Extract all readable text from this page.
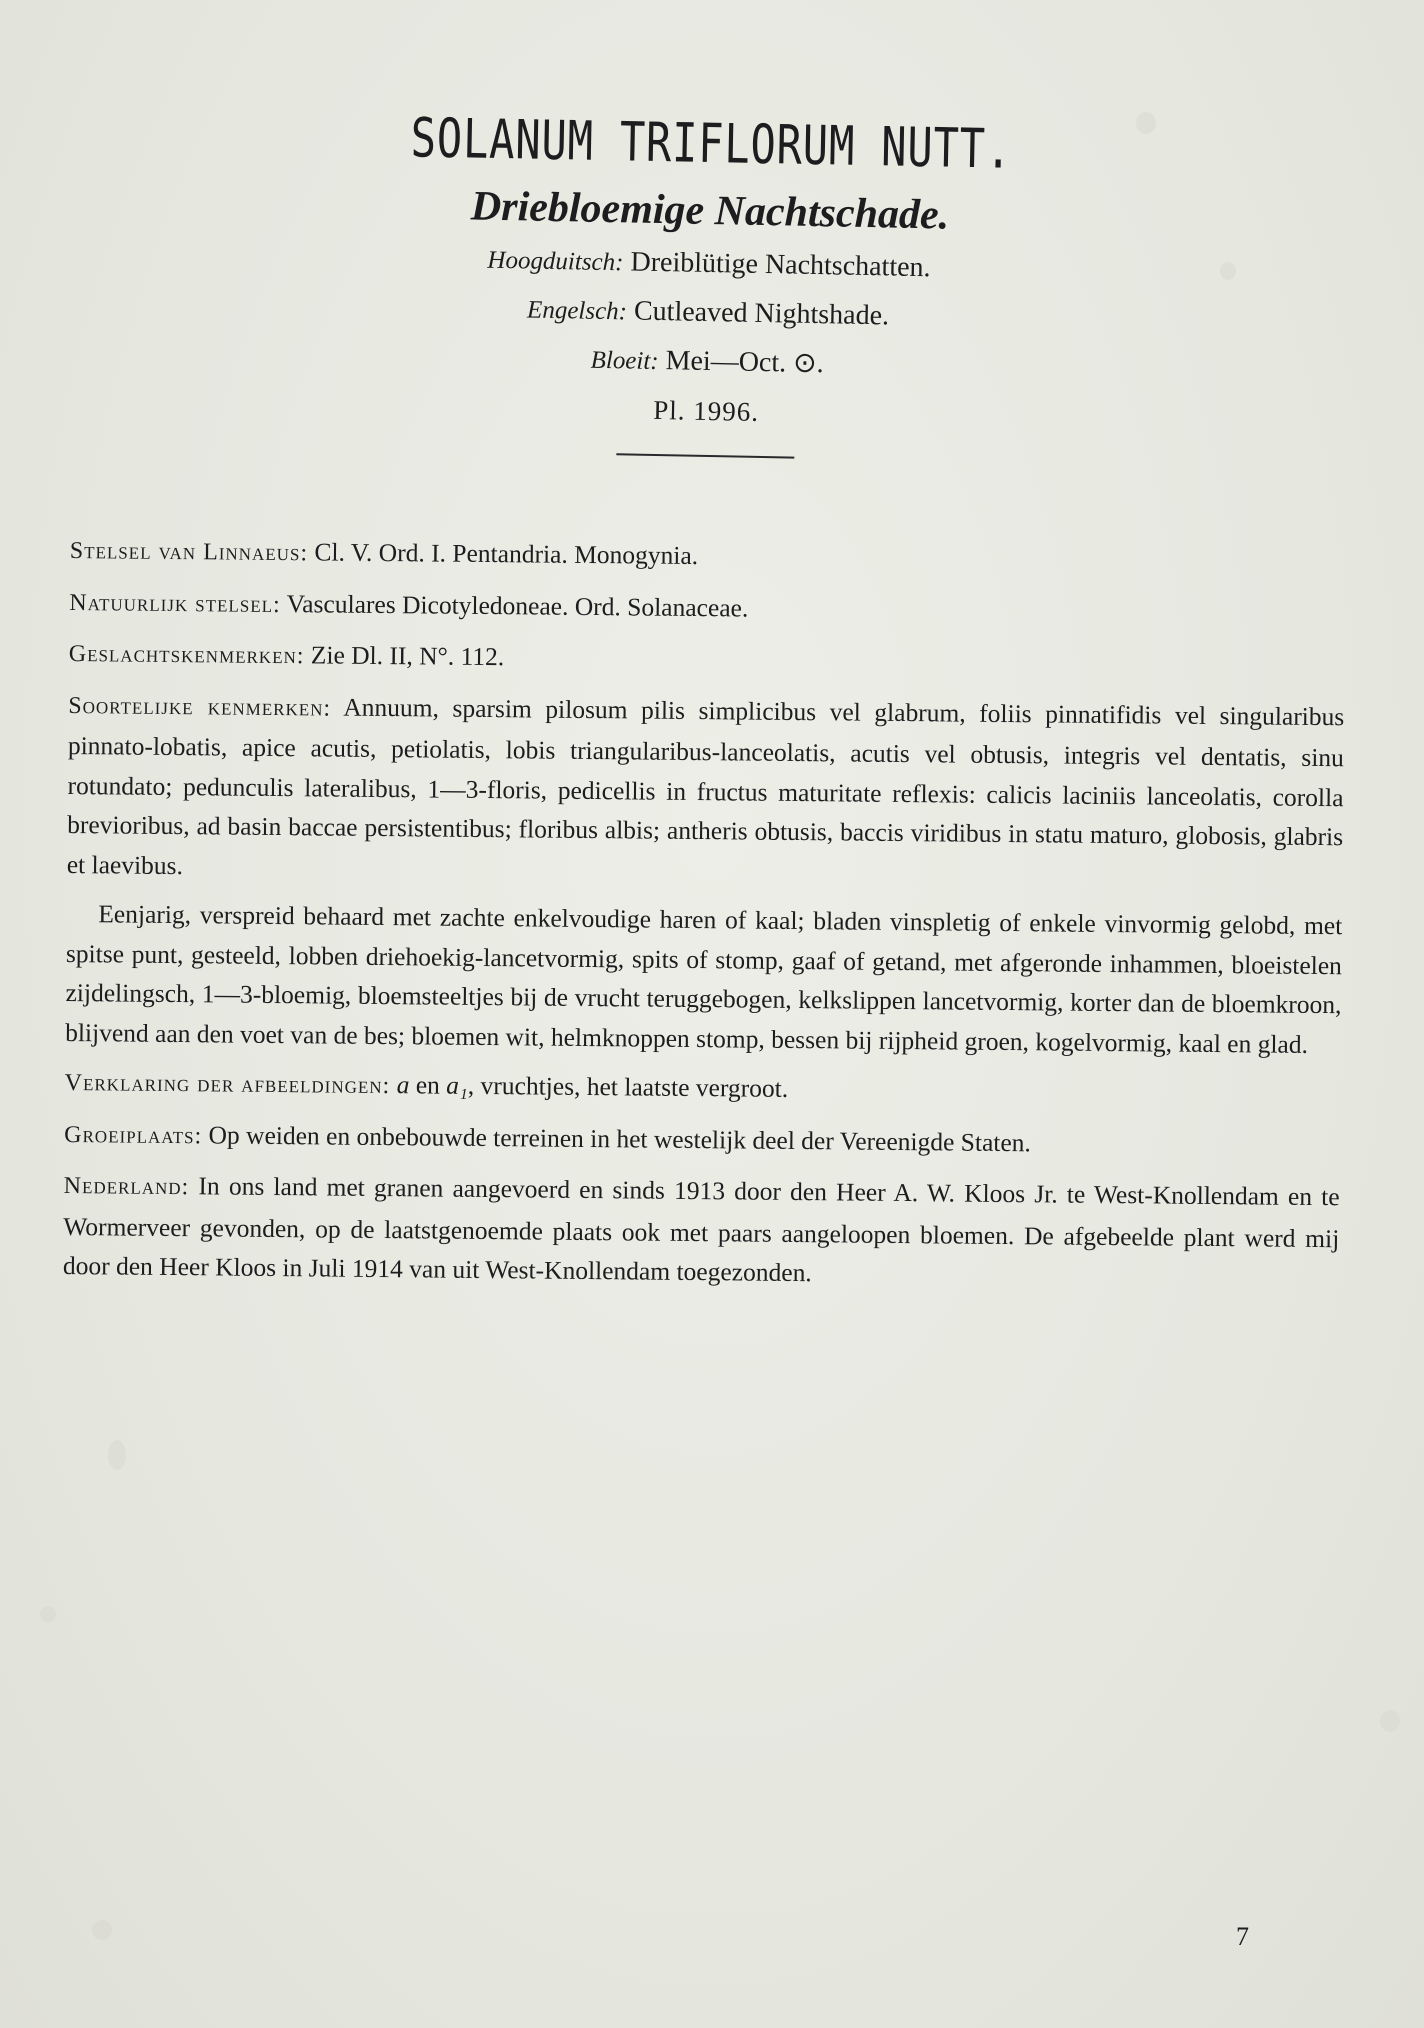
SOLANUM TRIFLORUM NUTT.
Driebloemige Nachtschade.
Hoogduitsch: Dreiblütige Nachtschatten.
Engelsch: Cutleaved Nightshade.
Bloeit: Mei—Oct. ⊙.
Pl. 1996.

Stelsel van Linnaeus: Cl. V. Ord. I. Pentandria. Monogynia.

Natuurlijk stelsel: Vasculares Dicotyledoneae. Ord. Solanaceae.

Geslachtskenmerken: Zie Dl. II, N°. 112.

Soortelijke kenmerken: Annuum, sparsim pilosum pilis simplicibus vel glabrum, foliis pinnatifidis vel singularibus pinnato-lobatis, apice acutis, petiolatis, lobis triangularibus-lanceolatis, acutis vel obtusis, integris vel dentatis, sinu rotundato; pedunculis lateralibus, 1—3-floris, pedicellis in fructus maturitate reflexis: calicis laciniis lanceolatis, corolla brevioribus, ad basin baccae persistentibus; floribus albis; antheris obtusis, baccis viridibus in statu maturo, globosis, glabris et laevibus.

Eenjarig, verspreid behaard met zachte enkelvoudige haren of kaal; bladen vinspletig of enkele vinvormig gelobd, met spitse punt, gesteeld, lobben driehoekig-lancetvormig, spits of stomp, gaaf of getand, met afgeronde inhammen, bloeistelen zijdelingsch, 1—3-bloemig, bloemsteeltjes bij de vrucht teruggebogen, kelkslippen lancetvormig, korter dan de bloemkroon, blijvend aan den voet van de bes; bloemen wit, helmknoppen stomp, bessen bij rijpheid groen, kogelvormig, kaal en glad.

Verklaring der afbeeldingen: a en a₁, vruchtjes, het laatste vergroot.

Groeiplaats: Op weiden en onbebouwde terreinen in het westelijk deel der Vereenigde Staten.

Nederland: In ons land met granen aangevoerd en sinds 1913 door den Heer A. W. Kloos Jr. te West-Knollendam en te Wormerveer gevonden, op de laatstgenoemde plaats ook met paars aangeloopen bloemen. De afgebeelde plant werd mij door den Heer Kloos in Juli 1914 van uit West-Knollendam toegezonden.

7
